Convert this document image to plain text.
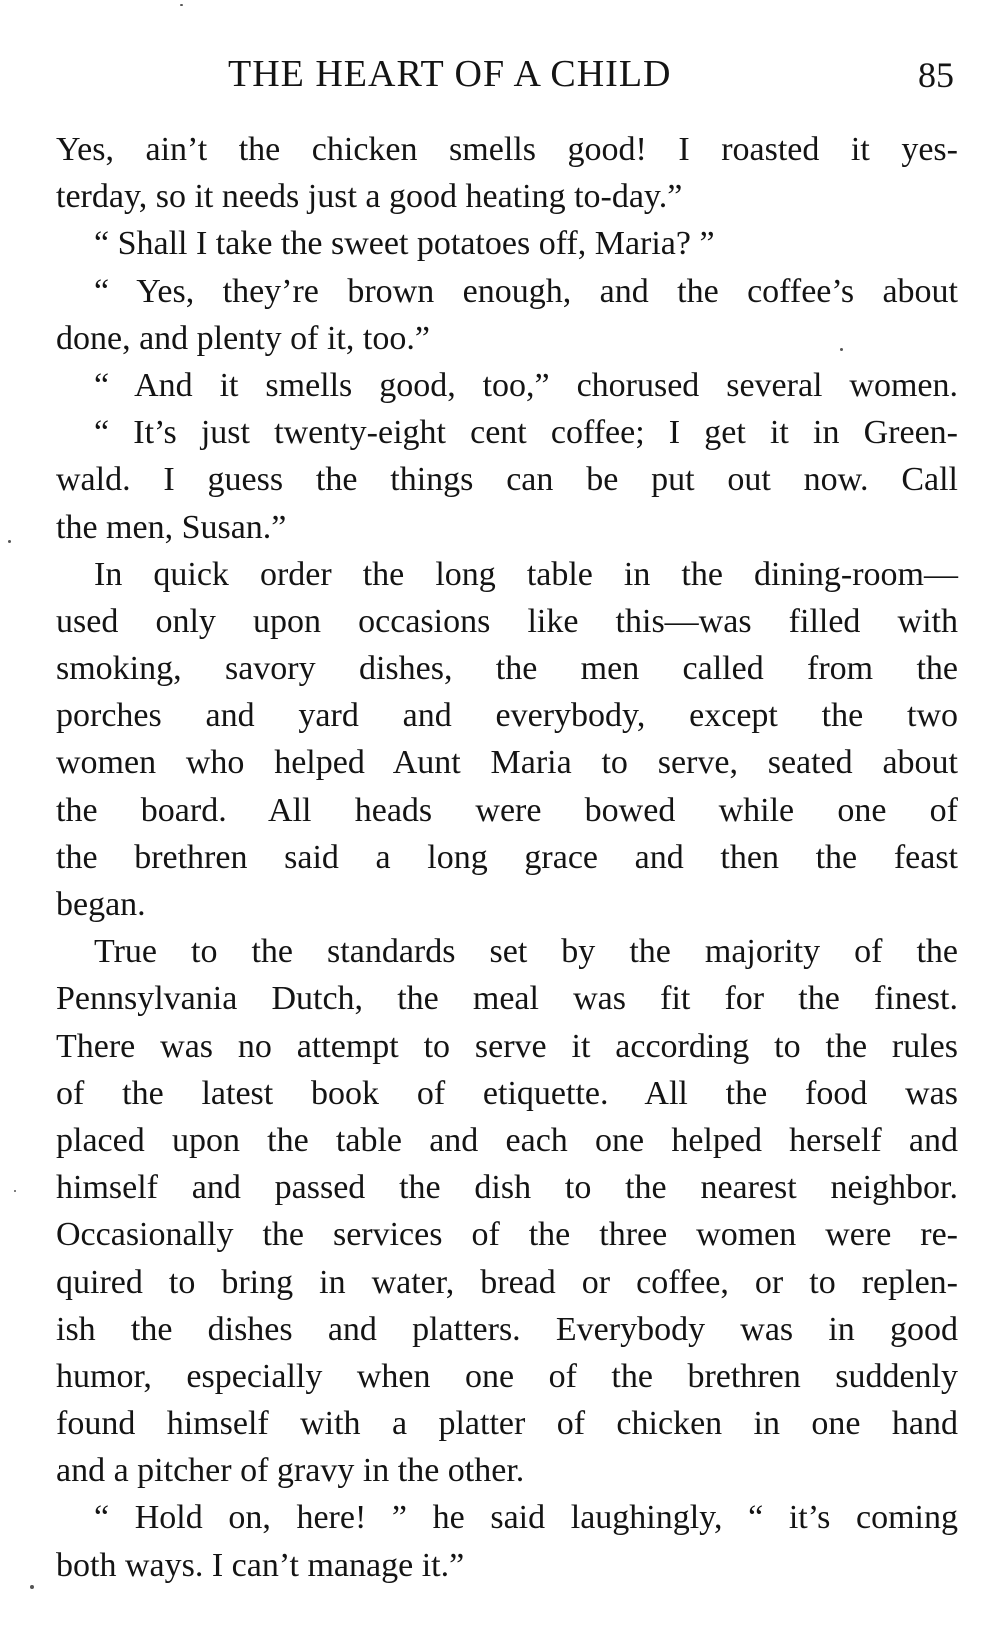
THE HEART OF A CHILD	85
Yes, ain’t the chicken smells good! I roasted it yes-
terday, so it needs just a good heating to-day.”
“ Shall I take the sweet potatoes off, Maria? ”
“ Yes, they’re brown enough, and the coffee’s about
done, and plenty of it, too.”
“ And it smells good, too,” chorused several women.
“ It’s just twenty-eight cent coffee; I get it in Green-
wald. I guess the things can be put out now. Call
the men, Susan.”
In quick order the long table in the dining-room—
used only upon occasions like this—was filled with
smoking, savory dishes, the men called from the
porches and yard and everybody, except the two
women who helped Aunt Maria to serve, seated about
the board. All heads were bowed while one of
the brethren said a long grace and then the feast
began.
True to the standards set by the majority of the
Pennsylvania Dutch, the meal was fit for the finest.
There was no attempt to serve it according to the rules
of the latest book of etiquette. All the food was
placed upon the table and each one helped herself and
himself and passed the dish to the nearest neighbor.
Occasionally the services of the three women were re-
quired to bring in water, bread or coffee, or to replen-
ish the dishes and platters. Everybody was in good
humor, especially when one of the brethren suddenly
found himself with a platter of chicken in one hand
and a pitcher of gravy in the other.
“ Hold on, here! ” he said laughingly, “ it’s coming
both ways. I can’t manage it.”
